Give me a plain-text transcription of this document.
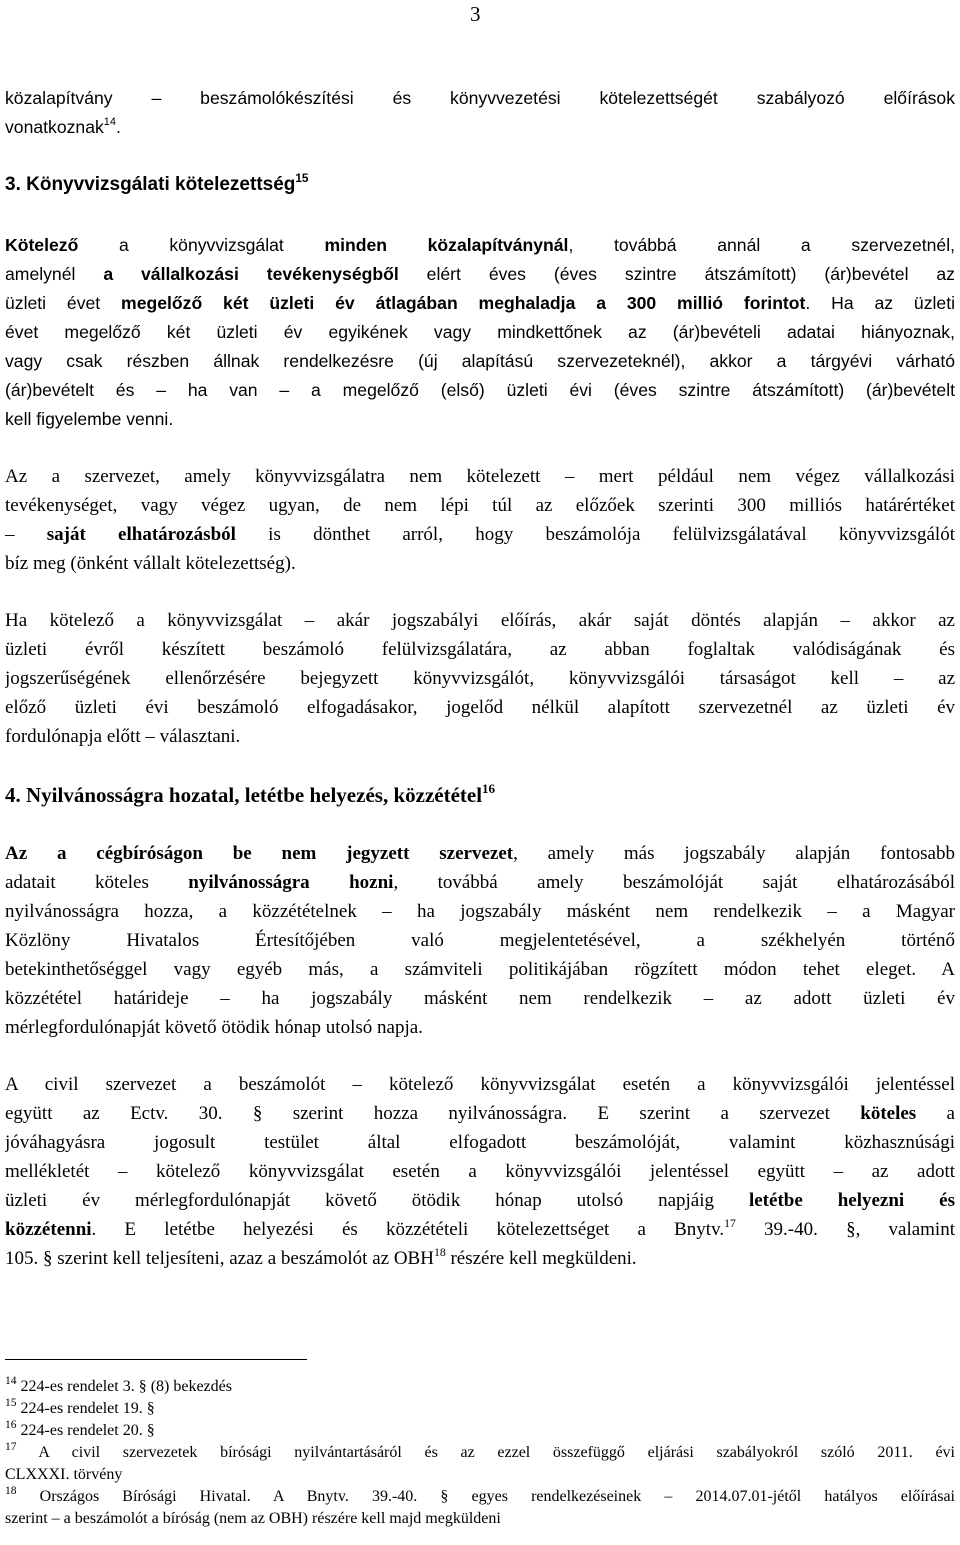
3
közalapítvány – beszámolókészítési és könyvvezetési kötelezettségét szabályozó előírások
vonatkoznak$^{14}$.
3. Könyvvizsgálati kötelezettség$^{15}$
Kötelező a könyvvizsgálat minden közalapítványnál, továbbá annál a szervezetnél,
amelynél a vállalkozási tevékenységből elért éves (éves szintre átszámított) (ár)bevétel az
üzleti évet megelőző két üzleti év átlagában meghaladja a 300 millió forintot. Ha az üzleti
évet megelőző két üzleti év egyikének vagy mindkettőnek az (ár)bevételi adatai hiányoznak,
vagy csak részben állnak rendelkezésre (új alapítású szervezeteknél), akkor a tárgyévi várható
(ár)bevételt és – ha van – a megelőző (első) üzleti évi (éves szintre átszámított) (ár)bevételt
kell figyelembe venni.
Az a szervezet, amely könyvvizsgálatra nem kötelezett – mert például nem végez vállalkozási
tevékenységet, vagy végez ugyan, de nem lépi túl az előzőek szerinti 300 milliós határértéket
– saját elhatározásból is dönthet arról, hogy beszámolója felülvizsgálatával könyvvizsgálót
bíz meg (önként vállalt kötelezettség).
Ha kötelező a könyvvizsgálat – akár jogszabályi előírás, akár saját döntés alapján – akkor az
üzleti évről készített beszámoló felülvizsgálatára, az abban foglaltak valódiságának és
jogszerűségének ellenőrzésére bejegyzett könyvvizsgálót, könyvvizsgálói társaságot kell – az
előző üzleti évi beszámoló elfogadásakor, jogelőd nélkül alapított szervezetnél az üzleti év
fordulónapja előtt – választani.
4. Nyilvánosságra hozatal, letétbe helyezés, közzététel$^{16}$
Az a cégbíróságon be nem jegyzett szervezet, amely más jogszabály alapján fontosabb
adatait köteles nyilvánosságra hozni, továbbá amely beszámolóját saját elhatározásából
nyilvánosságra hozza, a közzétételnek – ha jogszabály másként nem rendelkezik – a Magyar
Közlöny Hivatalos Értesítőjében való megjelentetésével, a székhelyén történő
betekinthetőséggel vagy egyéb más, a számviteli politikájában rögzített módon tehet eleget. A
közzététel határideje – ha jogszabály másként nem rendelkezik – az adott üzleti év
mérlegfordulónapját követő ötödik hónap utolsó napja.
A civil szervezet a beszámolót – kötelező könyvvizsgálat esetén a könyvvizsgálói jelentéssel
együtt az Ectv. 30. § szerint hozza nyilvánosságra. E szerint a szervezet köteles a
jóváhagyásra jogosult testület által elfogadott beszámolóját, valamint közhasznúsági
mellékletét – kötelező könyvvizsgálat esetén a könyvvizsgálói jelentéssel együtt – az adott
üzleti év mérlegfordulónapját követő ötödik hónap utolsó napjáig letétbe helyezni és
közzétenni. E letétbe helyezési és közzétételi kötelezettséget a Bnytv.$^{17}$ 39.-40. §, valamint
105. § szerint kell teljesíteni, azaz a beszámolót az OBH$^{18}$ részére kell megküldeni.
$^{14}$ 224-es rendelet 3. § (8) bekezdés
$^{15}$ 224-es rendelet 19. §
$^{16}$ 224-es rendelet 20. §
$^{17}$ A civil szervezetek bírósági nyilvántartásáról és az ezzel összefüggő eljárási szabályokról szóló 2011. évi
CLXXXI. törvény
$^{18}$ Országos Bírósági Hivatal. A Bnytv. 39.-40. § egyes rendelkezéseinek – 2014.07.01-jétől hatályos előírásai
szerint – a beszámolót a bíróság (nem az OBH) részére kell majd megküldeni
